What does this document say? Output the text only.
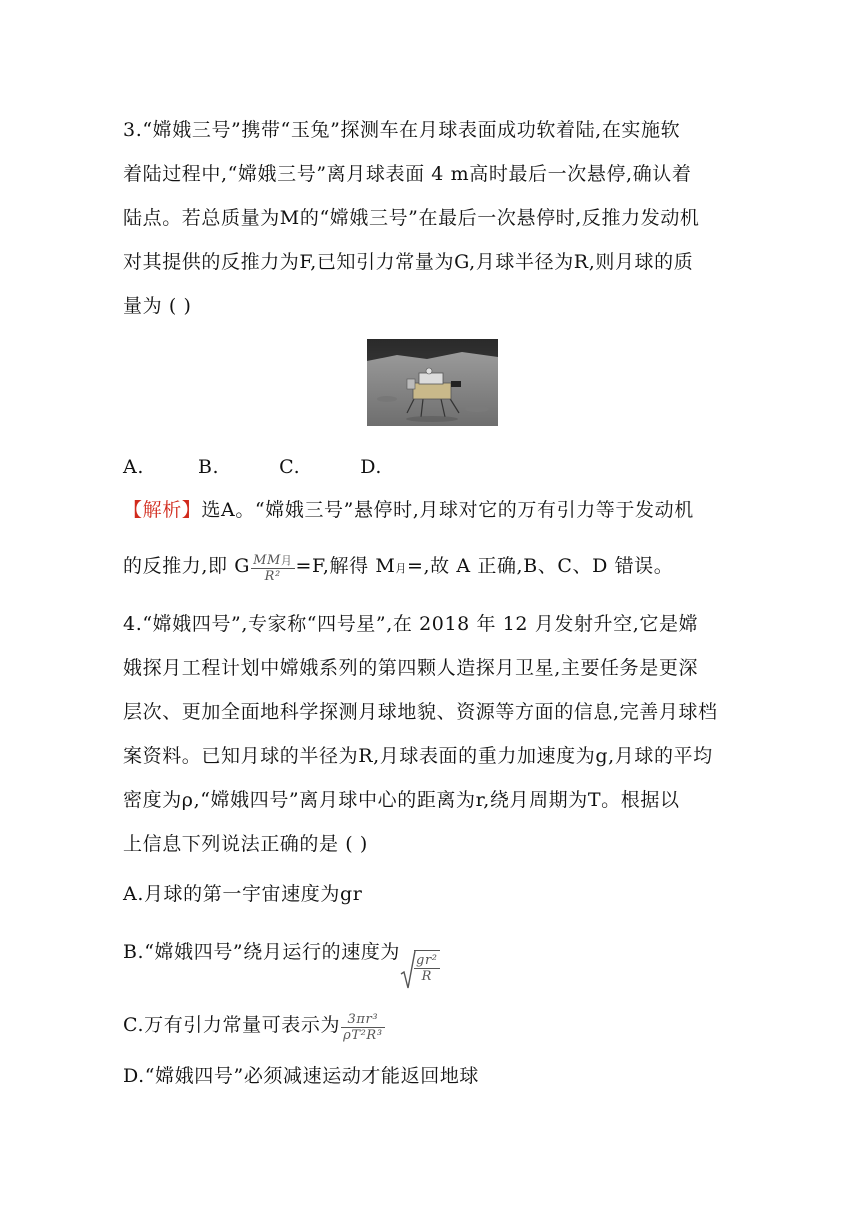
3.“嫦娥三号”携带“玉兔”探测车在月球表面成功软着陆,在实施软
着陆过程中,“嫦娥三号”离月球表面 4 m高时最后一次悬停,确认着
陆点。若总质量为M的“嫦娥三号”在最后一次悬停时,反推力发动机
对其提供的反推力为F,已知引力常量为G,月球半径为R,则月球的质
量为 ( )
A.	B.	C.	D.
【解析】选A。“嫦娥三号”悬停时,月球对它的万有引力等于发动机
的反推力,即 G $\frac{\text{MM月}}{\text{R²}} =F$,解得 M月=,故 A 正确,B、C、D 错误。
4.“嫦娥四号”,专家称“四号星”,在 2018 年 12 月发射升空,它是嫦
娥探月工程计划中嫦娥系列的第四颗人造探月卫星,主要任务是更深
层次、更加全面地科学探测月球地貌、资源等方面的信息,完善月球档
案资料。已知月球的半径为R,月球表面的重力加速度为g,月球的平均
密度为ρ,“嫦娥四号”离月球中心的距离为r,绕月周期为T。根据以
上信息下列说法正确的是 ( )
A.月球的第一宇宙速度为gr
B.“嫦娥四号”绕月运行的速度为 $\frac{\text{gr²}}{R}$
C.万有引力常量可表示为 $\frac{\text{3πr³}}{\text{ρT²R³}}$
D.“嫦娥四号”必须减速运动才能返回地球
